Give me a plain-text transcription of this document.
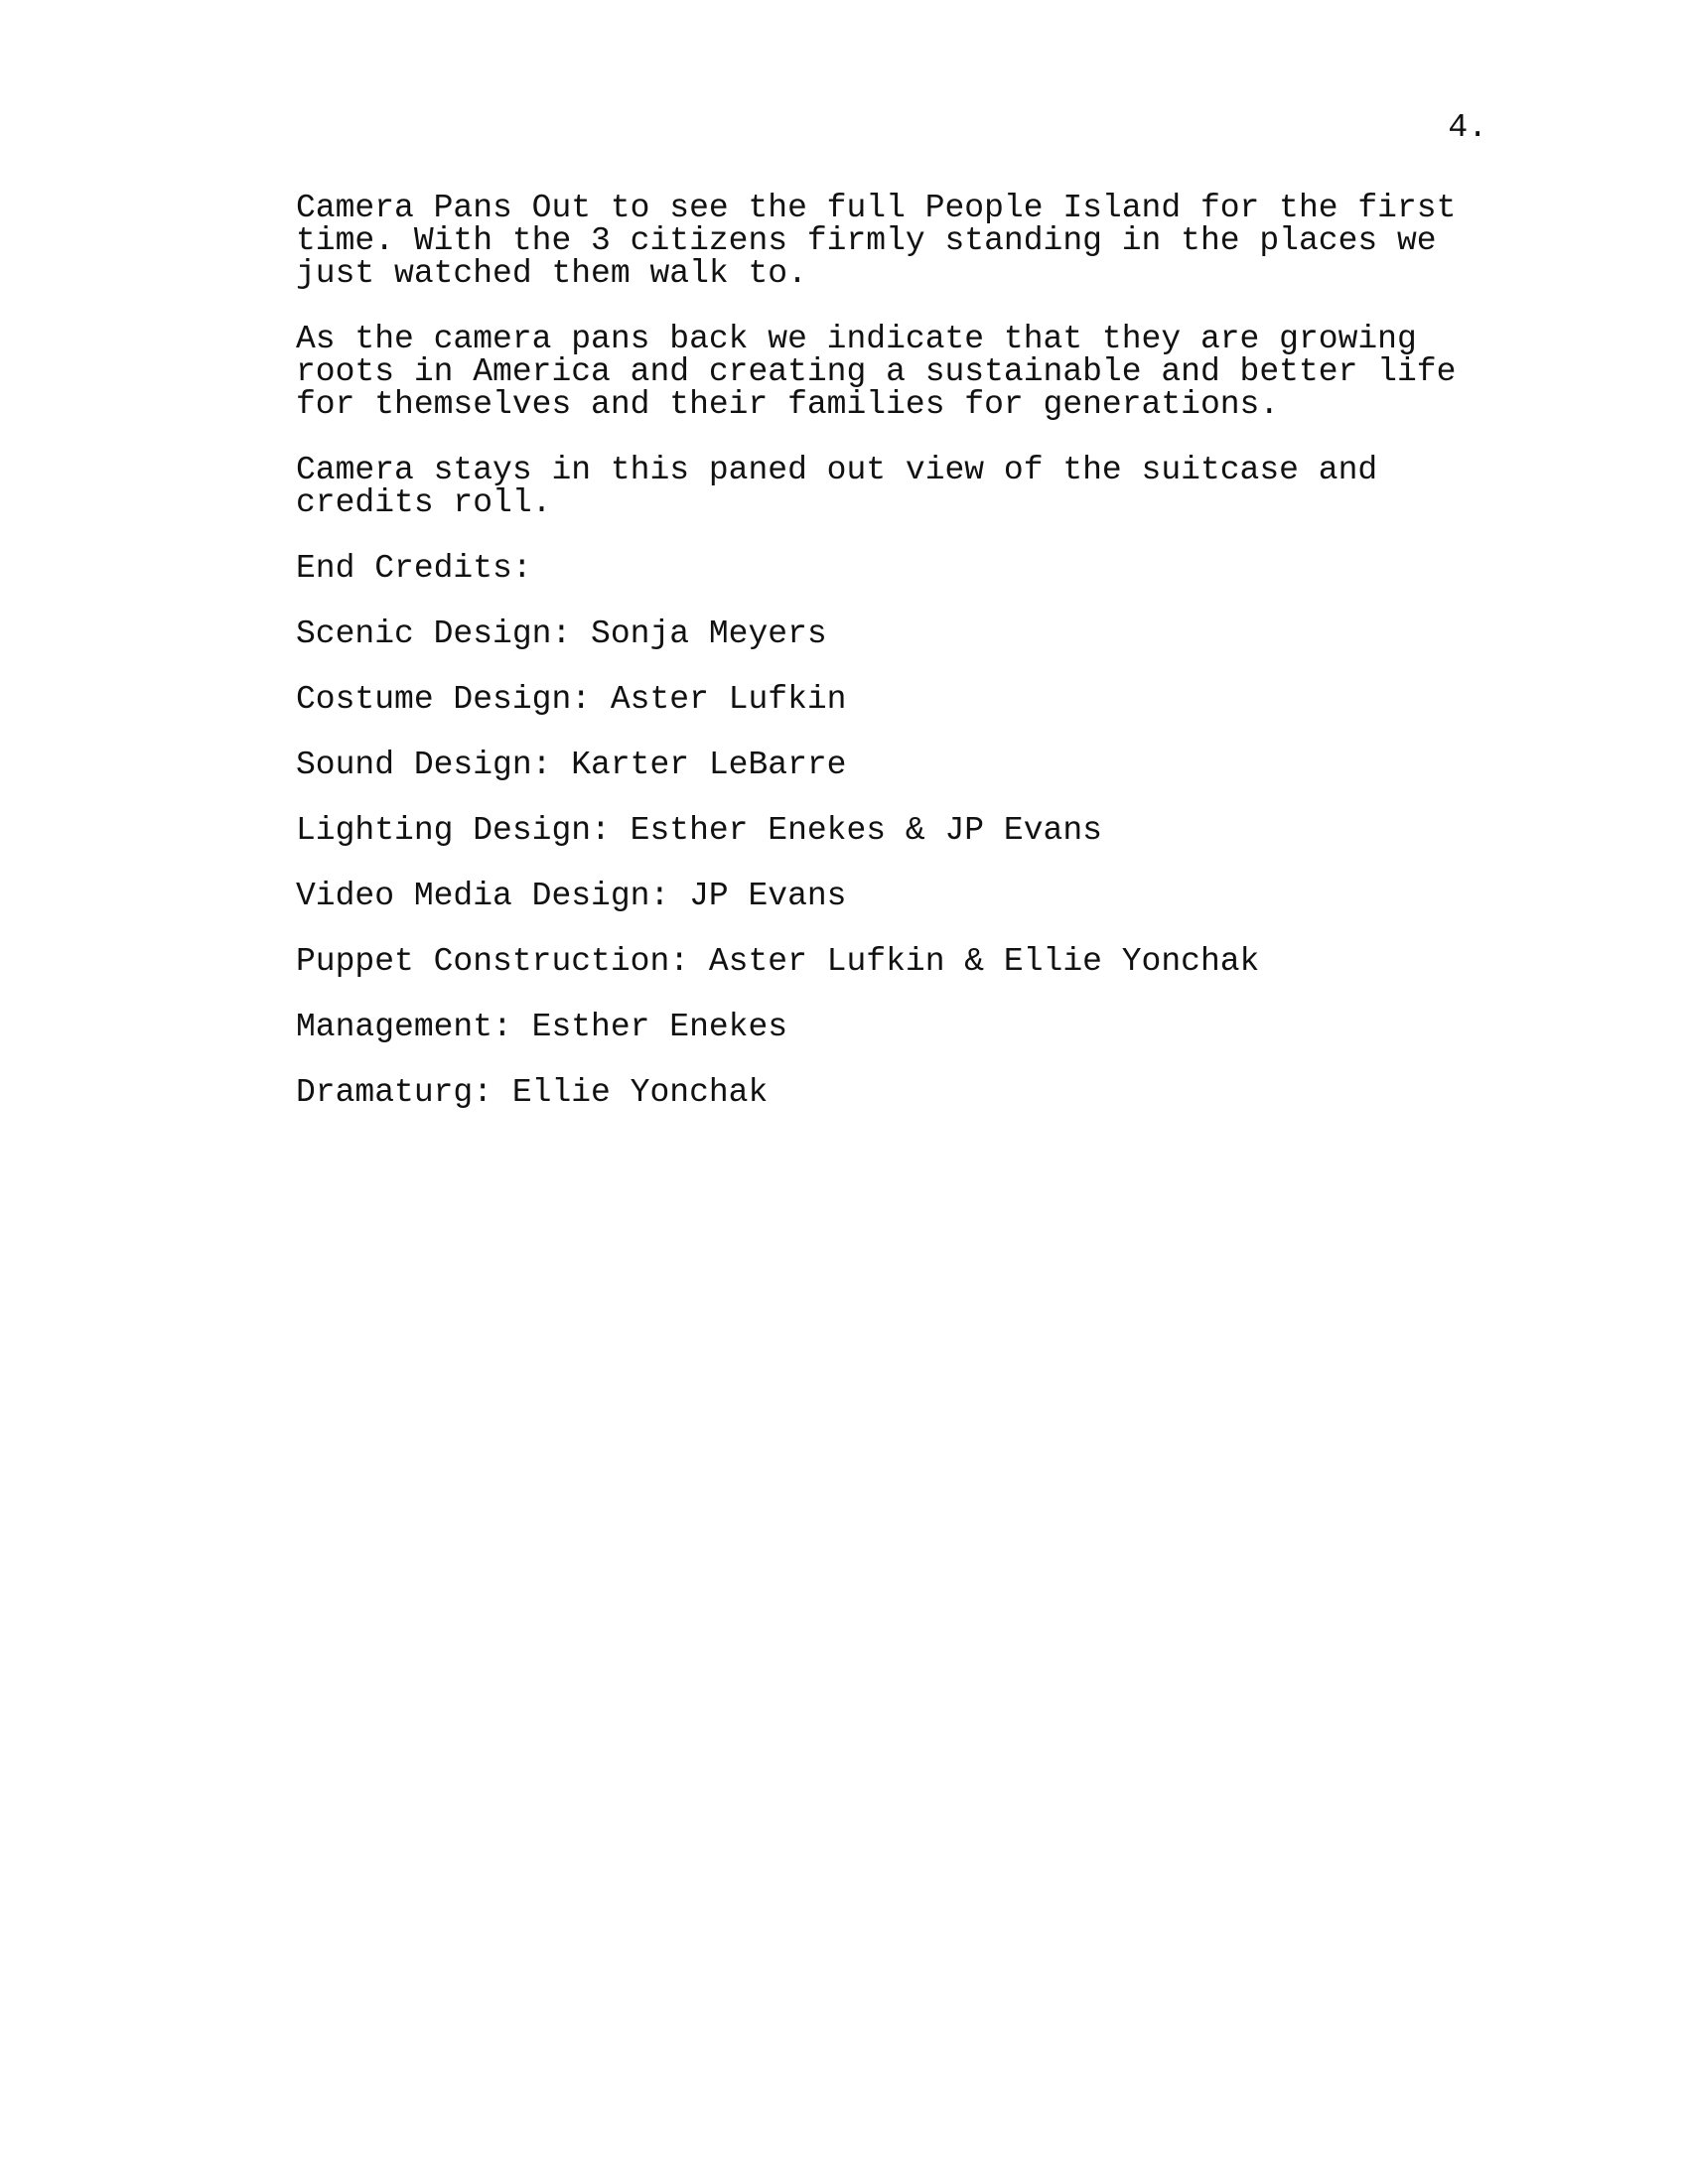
4.

Camera Pans Out to see the full People Island for the first
time. With the 3 citizens firmly standing in the places we
just watched them walk to.

As the camera pans back we indicate that they are growing
roots in America and creating a sustainable and better life
for themselves and their families for generations.

Camera stays in this paned out view of the suitcase and
credits roll.

End Credits:

Scenic Design: Sonja Meyers

Costume Design: Aster Lufkin

Sound Design: Karter LeBarre

Lighting Design: Esther Enekes & JP Evans

Video Media Design: JP Evans

Puppet Construction: Aster Lufkin & Ellie Yonchak

Management: Esther Enekes

Dramaturg: Ellie Yonchak
